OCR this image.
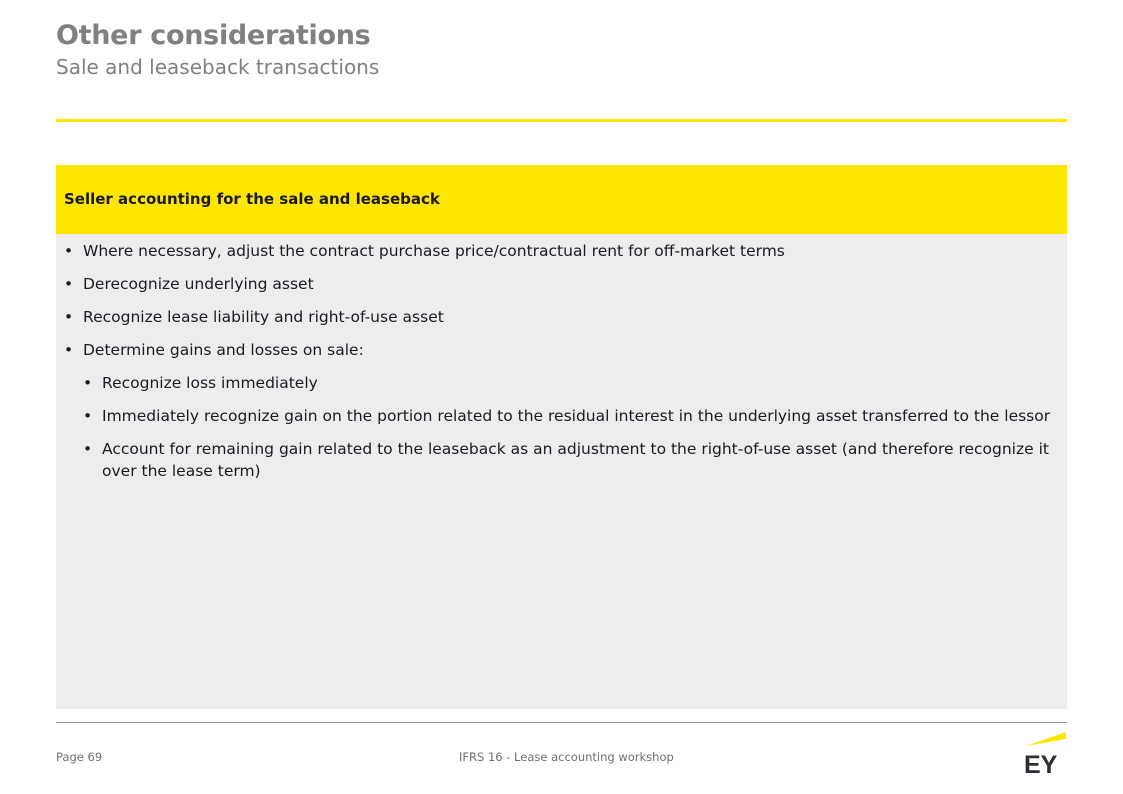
Other considerations
Sale and leaseback transactions
Seller accounting for the sale and leaseback
• Where necessary, adjust the contract purchase price/contractual rent for off-market terms
• Derecognize underlying asset
• Recognize lease liability and right-of-use asset
• Determine gains and losses on sale:
• Recognize loss immediately
• Immediately recognize gain on the portion related to the residual interest in the underlying asset transferred to the lessor
• Account for remaining gain related to the leaseback as an adjustment to the right-of-use asset (and therefore recognize it over the lease term)
Page 69	IFRS 16 - Lease accounting workshop	EY
